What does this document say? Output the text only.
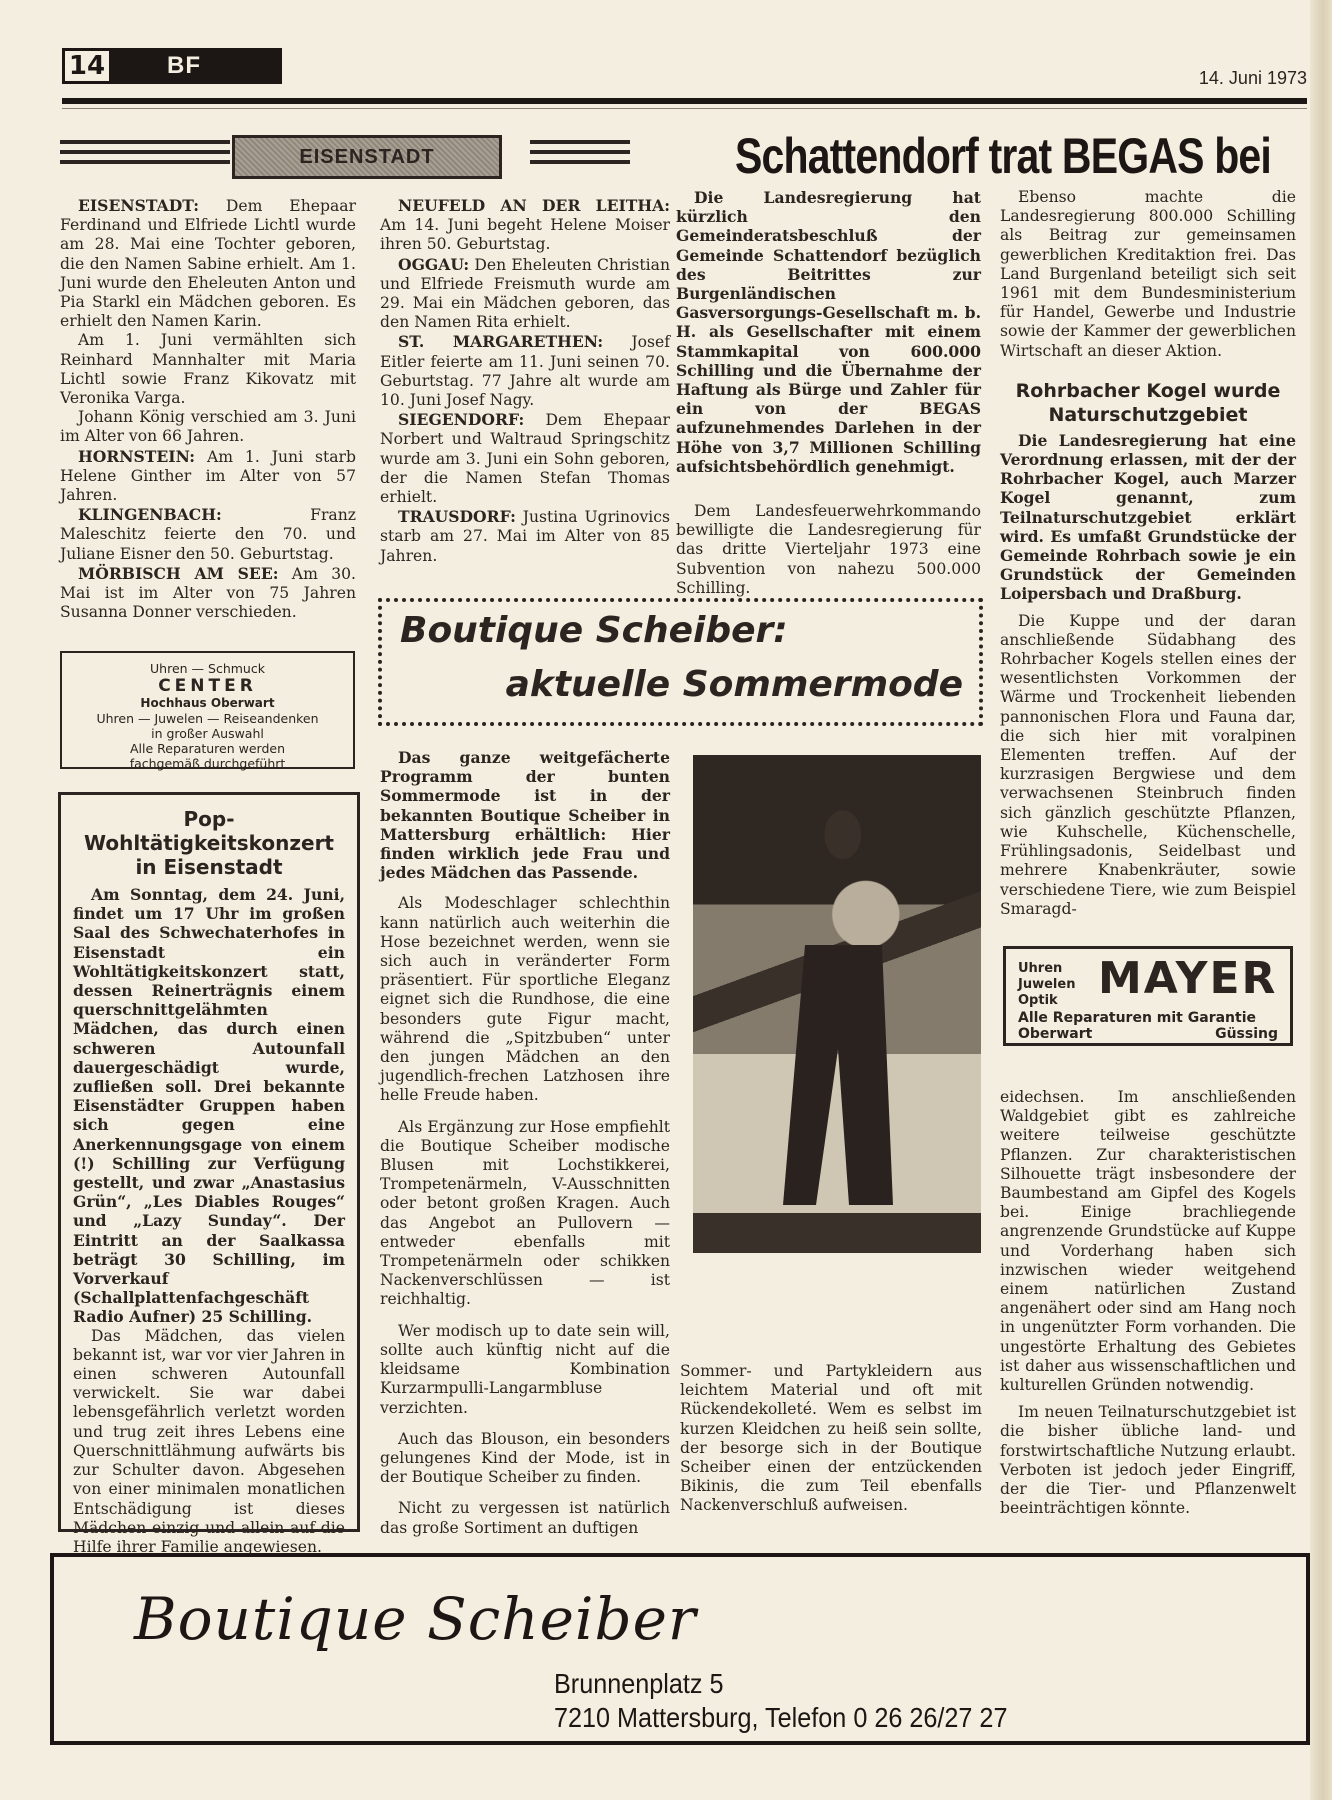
14	BF	14. Juni 1973
EISENSTADT	Schattendorf trat BEGAS bei

EISENSTADT: Dem Ehepaar Ferdinand und Elfriede Lichtl wurde am 28. Mai eine Tochter geboren, die den Namen Sabine erhielt. Am 1. Juni wurde den Eheleuten Anton und Pia Starkl ein Mädchen geboren. Es erhielt den Namen Karin.

Am 1. Juni vermählten sich Reinhard Mannhalter mit Maria Lichtl sowie Franz Kikovatz mit Veronika Varga.

Johann König verschied am 3. Juni im Alter von 66 Jahren.

HORNSTEIN: Am 1. Juni starb Helene Ginther im Alter von 57 Jahren.

KLINGENBACH: Franz Maleschitz feierte den 70. und Juliane Eisner den 50. Geburtstag.

MÖRBISCH AM SEE: Am 30. Mai ist im Alter von 75 Jahren Susanna Donner verschieden.

Uhren — Schmuck
CENTER
Hochhaus Oberwart
Uhren — Juwelen — Reiseandenken
in großer Auswahl
Alle Reparaturen werden
fachgemäß durchgeführt
Pop-Wohltätigkeitskonzert in Eisenstadt

Am Sonntag, dem 24. Juni, findet um 17 Uhr im großen Saal des Schwechaterhofes in Eisenstadt ein Wohltätigkeitskonzert statt, dessen Reinerträgnis einem querschnittgelähmten Mädchen, das durch einen schweren Autounfall dauergeschädigt wurde, zufließen soll. Drei bekannte Eisenstädter Gruppen haben sich gegen eine Anerkennungsgage von einem (!) Schilling zur Verfügung gestellt, und zwar „Anastasius Grün“, „Les Diables Rouges“ und „Lazy Sunday“. Der Eintritt an der Saalkassa beträgt 30 Schilling, im Vorverkauf (Schallplattenfachgeschäft Radio Aufner) 25 Schilling.

Das Mädchen, das vielen bekannt ist, war vor vier Jahren in einen schweren Autounfall verwickelt. Sie war dabei lebensgefährlich verletzt worden und trug zeit ihres Lebens eine Querschnittlähmung aufwärts bis zur Schulter davon. Abgesehen von einer minimalen monatlichen Entschädigung ist dieses Mädchen einzig und allein auf die Hilfe ihrer Familie angewiesen.

NEUFELD AN DER LEITHA: Am 14. Juni begeht Helene Moiser ihren 50. Geburtstag.

OGGAU: Den Eheleuten Christian und Elfriede Freismuth wurde am 29. Mai ein Mädchen geboren, das den Namen Rita erhielt.

ST. MARGARETHEN: Josef Eitler feierte am 11. Juni seinen 70. Geburtstag. 77 Jahre alt wurde am 10. Juni Josef Nagy.

SIEGENDORF: Dem Ehepaar Norbert und Waltraud Springschitz wurde am 3. Juni ein Sohn geboren, der die Namen Stefan Thomas erhielt.

TRAUSDORF: Justina Ugrinovics starb am 27. Mai im Alter von 85 Jahren.

Die Landesregierung hat kürzlich den Gemeinderatsbeschluß der Gemeinde Schattendorf bezüglich des Beitrittes zur Burgenländischen Gasversorgungs-Gesellschaft m. b. H. als Gesellschafter mit einem Stammkapital von 600.000 Schilling und die Übernahme der Haftung als Bürge und Zahler für ein von der BEGAS aufzunehmendes Darlehen in der Höhe von 3,7 Millionen Schilling aufsichtsbehördlich genehmigt.

Dem Landesfeuerwehrkommando bewilligte die Landesregierung für das dritte Vierteljahr 1973 eine Subvention von nahezu 500.000 Schilling.

Ebenso machte die Landesregierung 800.000 Schilling als Beitrag zur gemeinsamen gewerblichen Kreditaktion frei. Das Land Burgenland beteiligt sich seit 1961 mit dem Bundesministerium für Handel, Gewerbe und Industrie sowie der Kammer der gewerblichen Wirtschaft an dieser Aktion.

Rohrbacher Kogel wurde Naturschutzgebiet

Die Landesregierung hat eine Verordnung erlassen, mit der der Rohrbacher Kogel, auch Marzer Kogel genannt, zum Teilnaturschutzgebiet erklärt wird. Es umfaßt Grundstücke der Gemeinde Rohrbach sowie je ein Grundstück der Gemeinden Loipersbach und Draßburg.

Die Kuppe und der daran anschließende Südabhang des Rohrbacher Kogels stellen eines der wesentlichsten Vorkommen der Wärme und Trockenheit liebenden pannonischen Flora und Fauna dar, die sich hier mit voralpinen Elementen treffen. Auf der kurzrasigen Bergwiese und dem verwachsenen Steinbruch finden sich gänzlich geschützte Pflanzen, wie Kuhschelle, Küchenschelle, Frühlingsadonis, Seidelbast und mehrere Knabenkräuter, sowie verschiedene Tiere, wie zum Beispiel Smaragd-

Uhren
Juwelen
Optik MAYER
Alle Reparaturen mit Garantie
Oberwart	Güssing

eidechsen. Im anschließenden Waldgebiet gibt es zahlreiche weitere teilweise geschützte Pflanzen. Zur charakteristischen Silhouette trägt insbesondere der Baumbestand am Gipfel des Kogels bei. Einige brachliegende angrenzende Grundstücke auf Kuppe und Vorderhang haben sich inzwischen wieder weitgehend einem natürlichen Zustand angenähert oder sind am Hang noch in ungenützter Form vorhanden. Die ungestörte Erhaltung des Gebietes ist daher aus wissenschaftlichen und kulturellen Gründen notwendig.

Im neuen Teilnaturschutzgebiet ist die bisher übliche land- und forstwirtschaftliche Nutzung erlaubt. Verboten ist jedoch jeder Eingriff, der die Tier- und Pflanzenwelt beeinträchtigen könnte.

Boutique Scheiber:
aktuelle Sommermode

Das ganze weitgefächerte Programm der bunten Sommermode ist in der bekannten Boutique Scheiber in Mattersburg erhältlich: Hier finden wirklich jede Frau und jedes Mädchen das Passende.

Als Modeschlager schlechthin kann natürlich auch weiterhin die Hose bezeichnet werden, wenn sie sich auch in veränderter Form präsentiert. Für sportliche Eleganz eignet sich die Rundhose, die eine besonders gute Figur macht, während die „Spitzbuben“ unter den jungen Mädchen an den jugendlich-frechen Latzhosen ihre helle Freude haben.

Als Ergänzung zur Hose empfiehlt die Boutique Scheiber modische Blusen mit Lochstikkerei, Trompetenärmeln, V-Ausschnitten oder betont großen Kragen. Auch das Angebot an Pullovern — entweder ebenfalls mit Trompetenärmeln oder schikken Nackenverschlüssen — ist reichhaltig.

Wer modisch up to date sein will, sollte auch künftig nicht auf die kleidsame Kombination Kurzarmpulli-Langarmbluse verzichten.

Auch das Blouson, ein besonders gelungenes Kind der Mode, ist in der Boutique Scheiber zu finden.

Nicht zu vergessen ist natürlich das große Sortiment an duftigen

Sommer- und Partykleidern aus leichtem Material und oft mit Rückendekolleté. Wem es selbst im kurzen Kleidchen zu heiß sein sollte, der besorge sich in der Boutique Scheiber einen der entzückenden Bikinis, die zum Teil ebenfalls Nackenverschluß aufweisen.

Boutique Scheiber
Brunnenplatz 5
7210 Mattersburg, Telefon 0 26 26/27 27
